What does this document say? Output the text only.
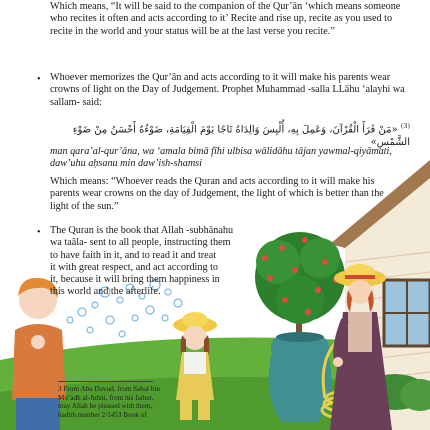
Which means, “It will be said to the companion of the Qur’ān ‘which means someone
who recites it often and acts according to it’ Recite and rise up, recite as you used to
recite in the world and your status will be at the last verse you recite.”

• Whoever memorizes the Qur’ān and acts according to it will make his parents wear
crowns of light on the Day of Judgement. Prophet Muhammad -salla LLāhu ‘alayhi wa
sallam- said:

$^{(3)}$ «مَنْ قَرَأَ الْقُرْآنَ، وَعَمِلَ بِهِ، أُلْبِسَ وَالِدَاهُ تَاجًا يَوْمَ الْقِيَامَةِ، ضَوْءُهُ أَحْسَنُ مِنْ ضَوْءِ الشَّمْسِ»

man qara’al-qur’āna, wa ‘amala bimā fīhi ulbisa wālidāhu tājan yawmal-qiyāmati,
daw’uhu aḥsanu min daw’ish-shamsi

Which means: “Whoever reads the Quran and acts according to it will make his
parents wear crowns on the day of Judgement, the light of which is better than the
light of the sun.”

• The Quran is the book that Allah -subhānahu
wa taâla- sent to all people, instructing them
to have faith in it, and to read it and treat
it with great respect, and act according to
it, because it will bring them happiness in
this world and the afterlife.

3 From Abu Davud, from Sahal bin
Mu’adh al-Juhni, from his father,
may Allah be pleased with them,
hadith number 2/1453 Book of
